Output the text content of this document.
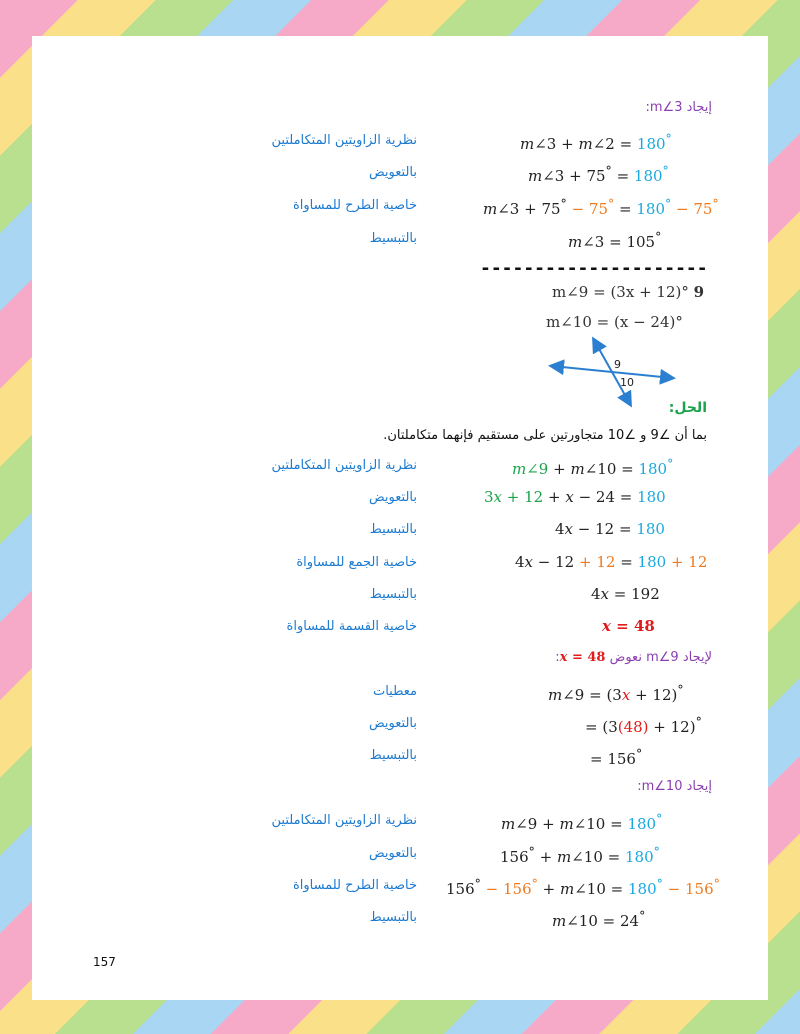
إيجاد m∠3:
m∠3 + m∠2 = 180°
نظرية الزاويتين المتكاملتين
m∠3 + 75° = 180°
بالتعويض
m∠3 + 75° − 75° = 180° − 75°
خاصية الطرح للمساواة
m∠3 = 105°
بالتبسيط
---------------------
m∠9 = (3x + 12)° 9
m∠10 = (x − 24)°
9
10
الحل:
بما أن ∠9 و ∠10 متجاورتين على مستقيم فإنهما متكاملتان.
m∠9 + m∠10 = 180°
نظرية الزاويتين المتكاملتين
3x + 12 + x − 24 = 180
بالتعويض
4x − 12 = 180
بالتبسيط
4x − 12 + 12 = 180 + 12
خاصية الجمع للمساواة
4x = 192
بالتبسيط
x = 48
خاصية القسمة للمساواة
لإيجاد m∠9 نعوض x = 48:
m∠9 = (3x + 12)°
معطيات
= (3(48) + 12)°
بالتعويض
= 156°
بالتبسيط
إيجاد m∠10:
m∠9 + m∠10 = 180°
نظرية الزاويتين المتكاملتين
156° + m∠10 = 180°
بالتعويض
156° − 156° + m∠10 = 180° − 156°
خاصية الطرح للمساواة
m∠10 = 24°
بالتبسيط
157
